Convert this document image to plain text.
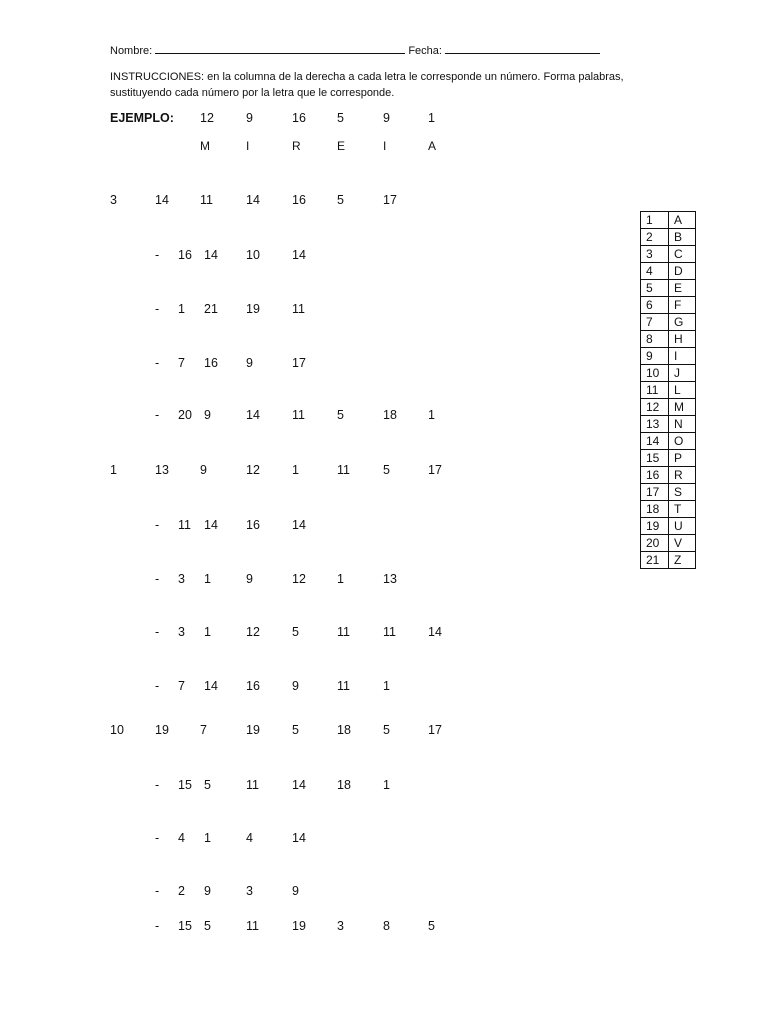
Nombre:	Fecha:
INSTRUCCIONES: en la columna de la derecha a cada letra le corresponde un número. Forma palabras,
sustituyendo cada número por la letra que le corresponde.
EJEMPLO: 12	9	16 5	9	1
M	I	R	E	I	A
3	14 11	14	16 5	17
- 16 14 10	14
- 1 21 19	11
- 7 16 9	17
- 20 9	14	11	5	18 1
1	13 9	12	1	11	5	17
- 11 14 16	14
- 3 1	9	12 1	13
- 3 1	12	5	11	11	14
- 7 14 16	9	11	1
10 19 7	19	5	18	5	17
- 15 5	11	14 18	1
- 4 1	4	14
- 2 9	3	9
- 15 5	11	19 3	8	5
1	A
2	B
3	C
4	D
5	E
6	F
7	G
8	H
9	I
10	J
11	L
12	M
13	N
14	O
15	P
16	R
17	S
18	T
19	U
20	V
21	Z
